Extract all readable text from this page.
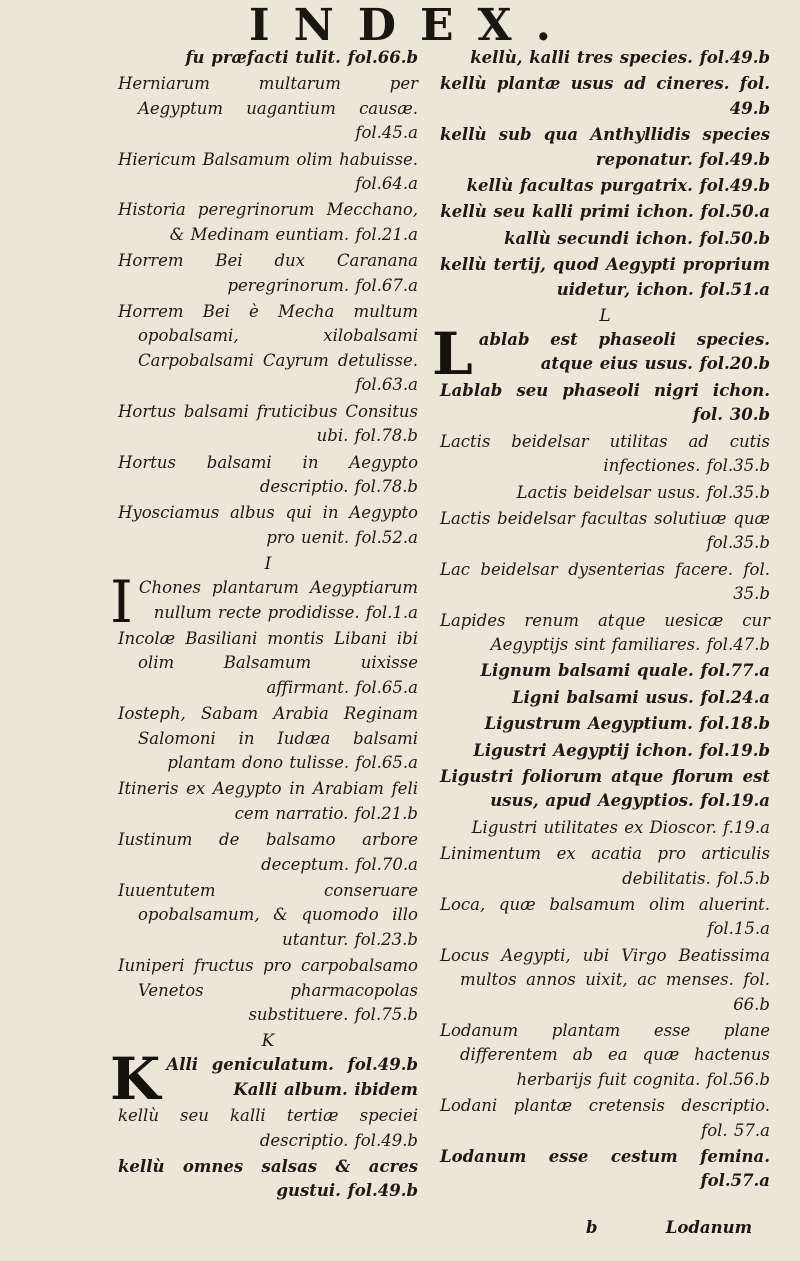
INDEX.
fu præfacti tulit. fol.66.b
Herniarum multarum per Aegyptum uagantium causæ. fol.45.a
Hiericum Balsamum olim habuisse. fol.64.a
Historia peregrinorum Mecchano, & Medinam euntiam. fol.21.a
Horrem Bei dux Caranana peregrinorum. fol.67.a
Horrem Bei è Mecha multum opobalsami, xilobalsami Carpobalsami Cayrum detulisse. fol.63.a
Hortus balsami fruticibus Consitus ubi. fol.78.b
Hortus balsami in Aegypto descriptio. fol.78.b
Hyosciamus albus qui in Aegypto pro uenit. fol.52.a
I
I Chones plantarum Aegyptiarum nullum recte prodidisse. fol.1.a
Incolæ Basiliani montis Libani ibi olim Balsamum uixisse affirmant. fol.65.a
Iosteph, Sabam Arabia Reginam Salomoni in Iudæa balsami plantam dono tulisse. fol.65.a
Itineris ex Aegypto in Arabiam feli cem narratio. fol.21.b
Iustinum de balsamo arbore deceptum. fol.70.a
Iuuentutem conseruare opobalsamum, & quomodo illo utantur. fol.23.b
Iuniperi fructus pro carpobalsamo Venetos pharmacopolas substituere. fol.75.b
K
K Alli geniculatum. fol.49.b Kalli album. ibidem
kellù seu kalli tertiæ speciei descriptio. fol.49.b
kellù omnes salsas & acres gustui. fol.49.b
kellù, kalli tres species. fol.49.b
kellù plantæ usus ad cineres. fol. 49.b
kellù sub qua Anthyllidis species reponatur. fol.49.b
kellù facultas purgatrix. fol.49.b
kellù seu kalli primi ichon. fol.50.a
kallù secundi ichon. fol.50.b
kellù tertij, quod Aegypti proprium uidetur, ichon. fol.51.a
L
Lablab est phaseoli species. atque eius usus. fol.20.b
Lablab seu phaseoli nigri ichon. fol. 30.b
Lactis beidelsar utilitas ad cutis infectiones. fol.35.b
Lactis beidelsar usus. fol.35.b
Lactis beidelsar facultas solutiuæ quæ fol.35.b
Lac beidelsar dysenterias facere. fol. 35.b
Lapides renum atque uesicæ cur Aegyptijs sint familiares. fol.47.b
Lignum balsami quale. fol.77.a
Ligni balsami usus. fol.24.a
Ligustrum Aegyptium. fol.18.b
Ligustri Aegyptij ichon. fol.19.b
Ligustri foliorum atque florum est usus, apud Aegyptios. fol.19.a
Ligustri utilitates ex Dioscor. f.19.a
Linimentum ex acatia pro articulis debilitatis. fol.5.b
Loca, quæ balsamum olim aluerint. fol.15.a
Locus Aegypti, ubi Virgo Beatissima multos annos uixit, ac menses. fol. 66.b
Lodanum plantam esse plane differentem ab ea quæ hactenus herbarijs fuit cognita. fol.56.b
Lodani plantæ cretensis descriptio. fol. 57.a
Lodanum esse cestum femina. fol.57.a
b	Lodanum
